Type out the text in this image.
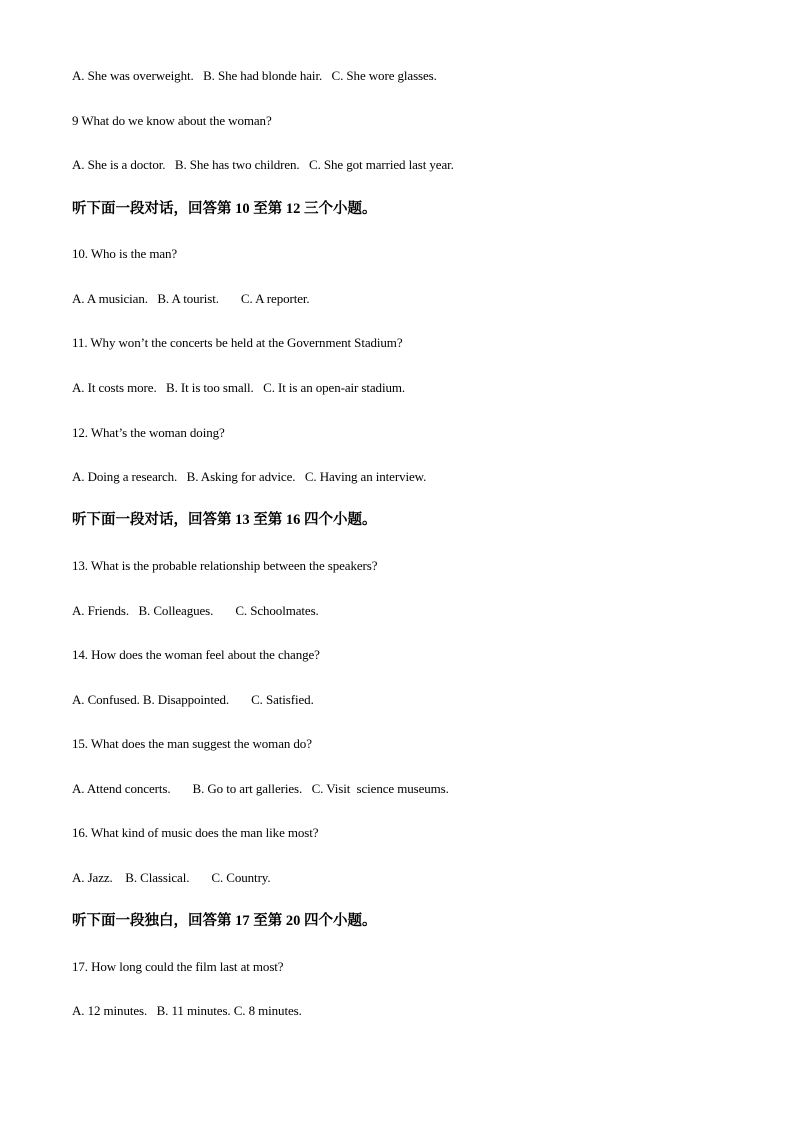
A. She was overweight.   B. She had blonde hair.   C. She wore glasses.
9 What do we know about the woman?
A. She is a doctor.   B. She has two children.   C. She got married last year.
听下面一段对话，回答第 10 至第 12 三个小题。
10. Who is the man?
A. A musician.   B. A tourist.       C. A reporter.
11. Why won’t the concerts be held at the Government Stadium?
A. It costs more.   B. It is too small.   C. It is an open-air stadium.
12. What’s the woman doing?
A. Doing a research.   B. Asking for advice.   C. Having an interview.
听下面一段对话，回答第 13 至第 16 四个小题。
13. What is the probable relationship between the speakers?
A. Friends.   B. Colleagues.       C. Schoolmates.
14. How does the woman feel about the change?
A. Confused. B. Disappointed.       C. Satisfied.
15. What does the man suggest the woman do?
A. Attend concerts.       B. Go to art galleries.   C. Visit  science museums.
16. What kind of music does the man like most?
A. Jazz.    B. Classical.       C. Country.
听下面一段独白，回答第 17 至第 20 四个小题。
17. How long could the film last at most?
A. 12 minutes.   B. 11 minutes. C. 8 minutes.
